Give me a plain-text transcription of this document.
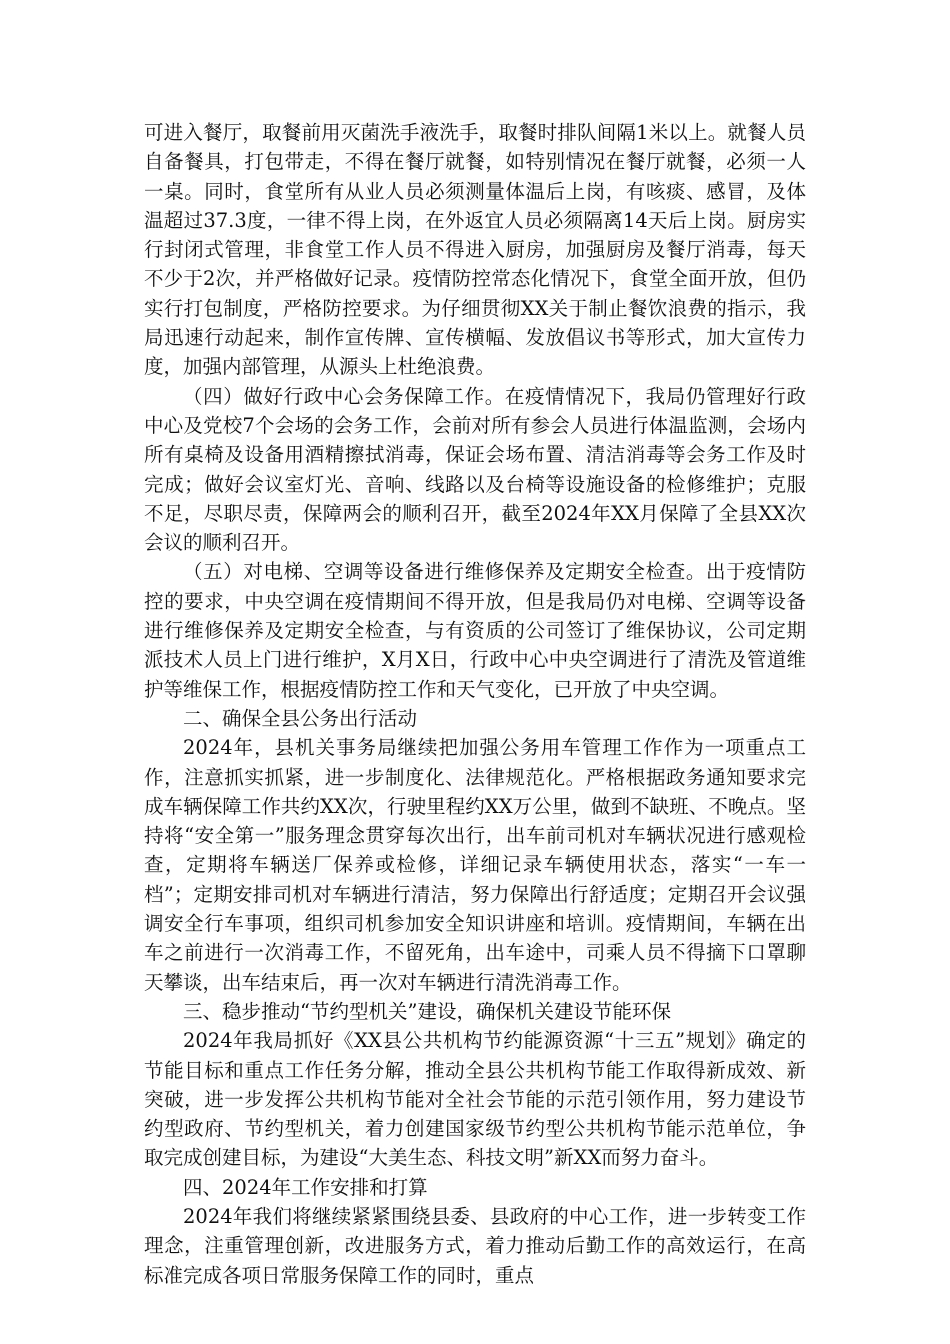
可进入餐厅，取餐前用灭菌洗手液洗手，取餐时排队间隔1米以上。就餐人员自备餐具，打包带走，不得在餐厅就餐，如特别情况在餐厅就餐，必须一人一桌。同时，食堂所有从业人员必须测量体温后上岗，有咳痰、感冒，及体温超过37.3度，一律不得上岗，在外返宜人员必须隔离14天后上岗。厨房实行封闭式管理，非食堂工作人员不得进入厨房，加强厨房及餐厅消毒，每天不少于2次，并严格做好记录。疫情防控常态化情况下，食堂全面开放，但仍实行打包制度，严格防控要求。为仔细贯彻XX关于制止餐饮浪费的指示，我局迅速行动起来，制作宣传牌、宣传横幅、发放倡议书等形式，加大宣传力度，加强内部管理，从源头上杜绝浪费。

（四）做好行政中心会务保障工作。在疫情情况下，我局仍管理好行政中心及党校7个会场的会务工作，会前对所有参会人员进行体温监测，会场内所有桌椅及设备用酒精擦拭消毒，保证会场布置、清洁消毒等会务工作及时完成；做好会议室灯光、音响、线路以及台椅等设施设备的检修维护；克服不足，尽职尽责，保障两会的顺利召开，截至2024年XX月保障了全县XX次会议的顺利召开。

（五）对电梯、空调等设备进行维修保养及定期安全检查。出于疫情防控的要求，中央空调在疫情期间不得开放，但是我局仍对电梯、空调等设备进行维修保养及定期安全检查，与有资质的公司签订了维保协议，公司定期派技术人员上门进行维护，X月X日，行政中心中央空调进行了清洗及管道维护等维保工作，根据疫情防控工作和天气变化，已开放了中央空调。

二、确保全县公务出行活动

2024年，县机关事务局继续把加强公务用车管理工作作为一项重点工作，注意抓实抓紧，进一步制度化、法律规范化。严格根据政务通知要求完成车辆保障工作共约XX次，行驶里程约XX万公里，做到不缺班、不晚点。坚持将“安全第一”服务理念贯穿每次出行，出车前司机对车辆状况进行感观检查，定期将车辆送厂保养或检修，详细记录车辆使用状态，落实“一车一档”；定期安排司机对车辆进行清洁，努力保障出行舒适度；定期召开会议强调安全行车事项，组织司机参加安全知识讲座和培训。疫情期间，车辆在出车之前进行一次消毒工作，不留死角，出车途中，司乘人员不得摘下口罩聊天攀谈，出车结束后，再一次对车辆进行清洗消毒工作。

三、稳步推动“节约型机关”建设，确保机关建设节能环保

2024年我局抓好《XX县公共机构节约能源资源“十三五”规划》确定的节能目标和重点工作任务分解，推动全县公共机构节能工作取得新成效、新突破，进一步发挥公共机构节能对全社会节能的示范引领作用，努力建设节约型政府、节约型机关，着力创建国家级节约型公共机构节能示范单位，争取完成创建目标，为建设“大美生态、科技文明”新XX而努力奋斗。

四、2024年工作安排和打算

2024年我们将继续紧紧围绕县委、县政府的中心工作，进一步转变工作理念，注重管理创新，改进服务方式，着力推动后勤工作的高效运行，在高标准完成各项日常服务保障工作的同时，重点
